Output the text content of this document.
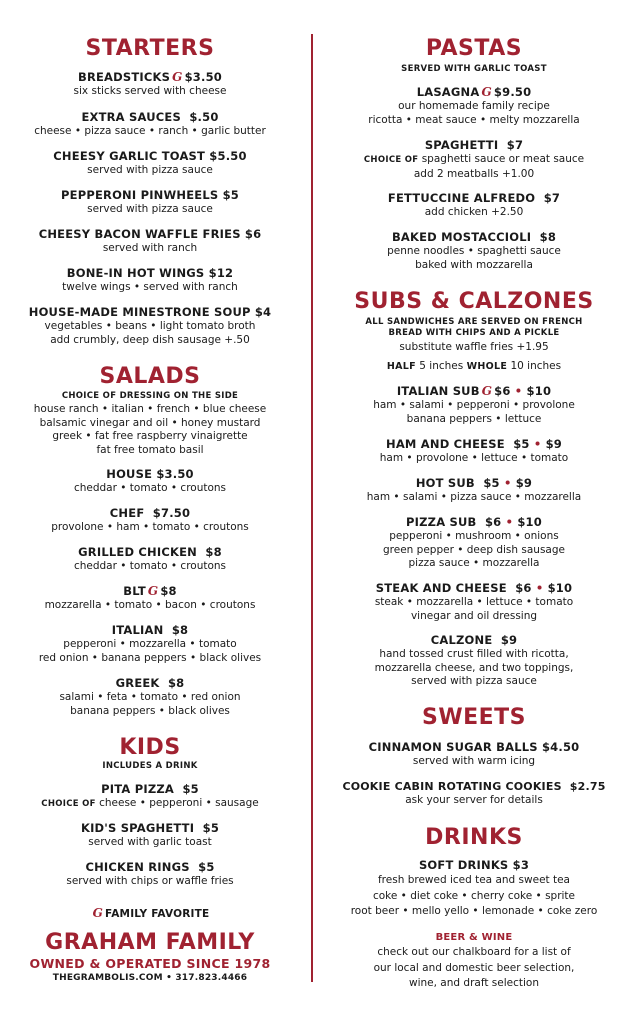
STARTERS
BREADSTICKS G $3.50
six sticks served with cheese
EXTRA SAUCES $.50
cheese • pizza sauce • ranch • garlic butter
CHEESY GARLIC TOAST $5.50
served with pizza sauce
PEPPERONI PINWHEELS $5
served with pizza sauce
CHEESY BACON WAFFLE FRIES $6
served with ranch
BONE-IN HOT WINGS $12
twelve wings • served with ranch
HOUSE-MADE MINESTRONE SOUP $4
vegetables • beans • light tomato broth
add crumbly, deep dish sausage +.50
SALADS
CHOICE OF DRESSING ON THE SIDE
house ranch • italian • french • blue cheese
balsamic vinegar and oil • honey mustard
greek • fat free raspberry vinaigrette
fat free tomato basil
HOUSE $3.50
cheddar • tomato • croutons
CHEF $7.50
provolone • ham • tomato • croutons
GRILLED CHICKEN $8
cheddar • tomato • croutons
BLT G $8
mozzarella • tomato • bacon • croutons
ITALIAN $8
pepperoni • mozzarella • tomato
red onion • banana peppers • black olives
GREEK $8
salami • feta • tomato • red onion
banana peppers • black olives
KIDS
INCLUDES A DRINK
PITA PIZZA $5
CHOICE OF cheese • pepperoni • sausage
KID'S SPAGHETTI $5
served with garlic toast
CHICKEN RINGS $5
served with chips or waffle fries
G FAMILY FAVORITE
GRAHAM FAMILY
OWNED & OPERATED SINCE 1978
THEGRAMBOLIS.COM • 317.823.4466
PASTAS
SERVED WITH GARLIC TOAST
LASAGNA G $9.50
our homemade family recipe
ricotta • meat sauce • melty mozzarella
SPAGHETTI $7
CHOICE OF spaghetti sauce or meat sauce
add 2 meatballs +1.00
FETTUCCINE ALFREDO $7
add chicken +2.50
BAKED MOSTACCIOLI $8
penne noodles • spaghetti sauce
baked with mozzarella
SUBS & CALZONES
ALL SANDWICHES ARE SERVED ON FRENCH
BREAD WITH CHIPS AND A PICKLE
substitute waffle fries +1.95
HALF 5 inches WHOLE 10 inches
ITALIAN SUB G $6 • $10
ham • salami • pepperoni • provolone
banana peppers • lettuce
HAM AND CHEESE $5 • $9
ham • provolone • lettuce • tomato
HOT SUB $5 • $9
ham • salami • pizza sauce • mozzarella
PIZZA SUB $6 • $10
pepperoni • mushroom • onions
green pepper • deep dish sausage
pizza sauce • mozzarella
STEAK AND CHEESE $6 • $10
steak • mozzarella • lettuce • tomato
vinegar and oil dressing
CALZONE $9
hand tossed crust filled with ricotta,
mozzarella cheese, and two toppings,
served with pizza sauce
SWEETS
CINNAMON SUGAR BALLS $4.50
served with warm icing
COOKIE CABIN ROTATING COOKIES $2.75
ask your server for details
DRINKS
SOFT DRINKS $3
fresh brewed iced tea and sweet tea
coke • diet coke • cherry coke • sprite
root beer • mello yello • lemonade • coke zero
BEER & WINE
check out our chalkboard for a list of
our local and domestic beer selection,
wine, and draft selection
